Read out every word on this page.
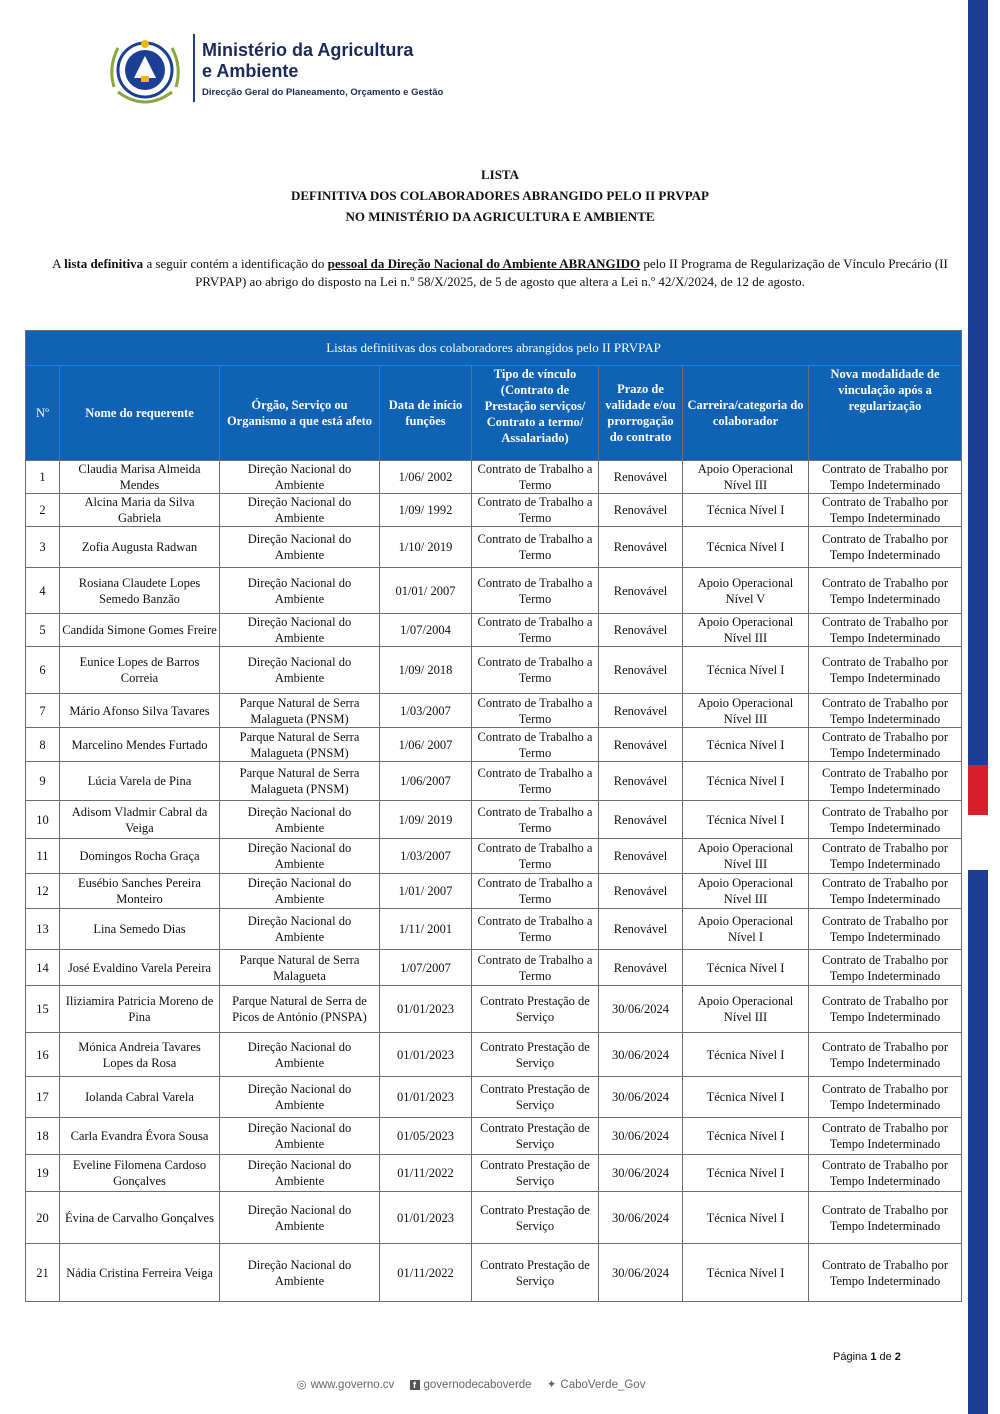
Ministério da Agricultura
e Ambiente
Direcção Geral do Planeamento, Orçamento e Gestão
LISTA
DEFINITIVA DOS COLABORADORES ABRANGIDO PELO II PRVPAP
NO MINISTÉRIO DA AGRICULTURA E AMBIENTE
A lista definitiva a seguir contém a identificação do pessoal da Direção Nacional do Ambiente ABRANGIDO pelo II Programa de Regularização de Vínculo Precário (II PRVPAP) ao abrigo do disposto na Lei n.º 58/X/2025, de 5 de agosto que altera a Lei n.º 42/X/2024, de 12 de agosto.
Listas definitivas dos colaboradores abrangidos pelo II PRVPAP							
Nº	Nome do requerente	Órgão, Serviço ou Organismo a que está afeto	Data de início funções	Tipo de vínculo (Contrato de Prestação serviços/ Contrato a termo/ Assalariado)	Prazo de validade e/ou prorrogação do contrato	Carreira/categoria do colaborador	Nova modalidade de vinculação após a regularização
1	Claudia Marisa Almeida Mendes	Direção Nacional do Ambiente	1/06/ 2002	Contrato de Trabalho a Termo	Renovável	Apoio Operacional Nível III	Contrato de Trabalho por Tempo Indeterminado
2	Alcina Maria da Silva Gabriela	Direção Nacional do Ambiente	1/09/ 1992	Contrato de Trabalho a Termo	Renovável	Técnica Nível I	Contrato de Trabalho por Tempo Indeterminado
3	Zofia Augusta Radwan	Direção Nacional do Ambiente	1/10/ 2019	Contrato de Trabalho a Termo	Renovável	Técnica Nível I	Contrato de Trabalho por Tempo Indeterminado
4	Rosiana Claudete Lopes Semedo Banzão	Direção Nacional do Ambiente	01/01/ 2007	Contrato de Trabalho a Termo	Renovável	Apoio Operacional Nível V	Contrato de Trabalho por Tempo Indeterminado
5	Candida Simone Gomes Freire	Direção Nacional do Ambiente	1/07/2004	Contrato de Trabalho a Termo	Renovável	Apoio Operacional Nível III	Contrato de Trabalho por Tempo Indeterminado
6	Eunice Lopes de Barros Correia	Direção Nacional do Ambiente	1/09/ 2018	Contrato de Trabalho a Termo	Renovável	Técnica Nível I	Contrato de Trabalho por Tempo Indeterminado
7	Mário Afonso Silva Tavares	Parque Natural de Serra Malagueta (PNSM)	1/03/2007	Contrato de Trabalho a Termo	Renovável	Apoio Operacional Nível III	Contrato de Trabalho por Tempo Indeterminado
8	Marcelino Mendes Furtado	Parque Natural de Serra Malagueta (PNSM)	1/06/ 2007	Contrato de Trabalho a Termo	Renovável	Técnica Nível I	Contrato de Trabalho por Tempo Indeterminado
9	Lúcia Varela de Pina	Parque Natural de Serra Malagueta (PNSM)	1/06/2007	Contrato de Trabalho a Termo	Renovável	Técnica Nível I	Contrato de Trabalho por Tempo Indeterminado
10	Adisom Vladmir Cabral da Veiga	Direção Nacional do Ambiente	1/09/ 2019	Contrato de Trabalho a Termo	Renovável	Técnica Nível I	Contrato de Trabalho por Tempo Indeterminado
11	Domingos Rocha Graça	Direção Nacional do Ambiente	1/03/2007	Contrato de Trabalho a Termo	Renovável	Apoio Operacional Nível III	Contrato de Trabalho por Tempo Indeterminado
12	Eusébio Sanches Pereira Monteiro	Direção Nacional do Ambiente	1/01/ 2007	Contrato de Trabalho a Termo	Renovável	Apoio Operacional Nível III	Contrato de Trabalho por Tempo Indeterminado
13	Lina Semedo Dias	Direção Nacional do Ambiente	1/11/ 2001	Contrato de Trabalho a Termo	Renovável	Apoio Operacional Nível I	Contrato de Trabalho por Tempo Indeterminado
14	José Evaldino Varela Pereira	Parque Natural de Serra Malagueta	1/07/2007	Contrato de Trabalho a Termo	Renovável	Técnica Nível I	Contrato de Trabalho por Tempo Indeterminado
15	Iliziamira Patricia Moreno de Pina	Parque Natural de Serra de Picos de António (PNSPA)	01/01/2023	Contrato Prestação de Serviço	30/06/2024	Apoio Operacional Nível III	Contrato de Trabalho por Tempo Indeterminado
16	Mónica Andreia Tavares Lopes da Rosa	Direção Nacional do Ambiente	01/01/2023	Contrato Prestação de Serviço	30/06/2024	Técnica Nível I	Contrato de Trabalho por Tempo Indeterminado
17	Iolanda Cabral Varela	Direção Nacional do Ambiente	01/01/2023	Contrato Prestação de Serviço	30/06/2024	Técnica Nível I	Contrato de Trabalho por Tempo Indeterminado
18	Carla Evandra Évora Sousa	Direção Nacional do Ambiente	01/05/2023	Contrato Prestação de Serviço	30/06/2024	Técnica Nível I	Contrato de Trabalho por Tempo Indeterminado
19	Eveline Filomena Cardoso Gonçalves	Direção Nacional do Ambiente	01/11/2022	Contrato Prestação de Serviço	30/06/2024	Técnica Nível I	Contrato de Trabalho por Tempo Indeterminado
20	Évina de Carvalho Gonçalves	Direção Nacional do Ambiente	01/01/2023	Contrato Prestação de Serviço	30/06/2024	Técnica Nível I	Contrato de Trabalho por Tempo Indeterminado
21	Nádia Cristina Ferreira Veiga	Direção Nacional do Ambiente	01/11/2022	Contrato Prestação de Serviço	30/06/2024	Técnica Nível I	Contrato de Trabalho por Tempo Indeterminado
Página 1 de 2
◎ www.governo.cv f governodecaboverde ✦ CaboVerde_Gov
